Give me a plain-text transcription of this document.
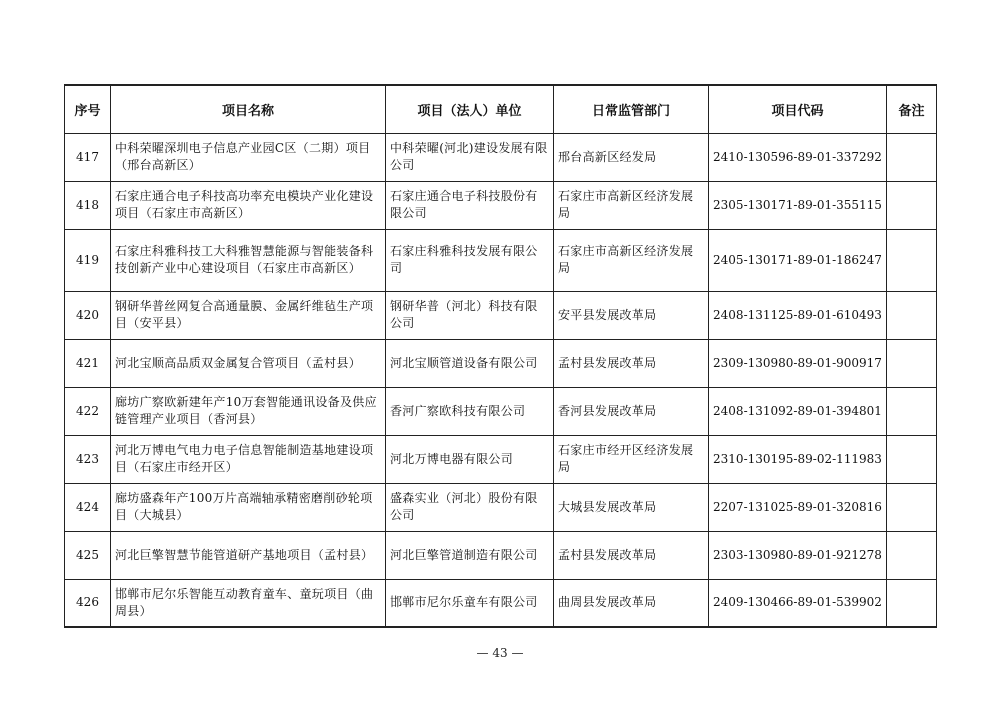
序号	项目名称	项目（法人）单位	日常监管部门	项目代码	备注
417	中科荣曜深圳电子信息产业园C区（二期）项目（邢台高新区）	中科荣曜(河北)建设发展有限公司	邢台高新区经发局	2410-130596-89-01-337292	
418	石家庄通合电子科技高功率充电模块产业化建设项目（石家庄市高新区）	石家庄通合电子科技股份有限公司	石家庄市高新区经济发展局	2305-130171-89-01-355115	
419	石家庄科雅科技工大科雅智慧能源与智能装备科技创新产业中心建设项目（石家庄市高新区）	石家庄科雅科技发展有限公司	石家庄市高新区经济发展局	2405-130171-89-01-186247	
420	钢研华普丝网复合高通量膜、金属纤维毡生产项目（安平县）	钢研华普（河北）科技有限公司	安平县发展改革局	2408-131125-89-01-610493	
421	河北宝顺高品质双金属复合管项目（孟村县）	河北宝顺管道设备有限公司	孟村县发展改革局	2309-130980-89-01-900917	
422	廊坊广察欧新建年产10万套智能通讯设备及供应链管理产业项目（香河县）	香河广察欧科技有限公司	香河县发展改革局	2408-131092-89-01-394801	
423	河北万博电气电力电子信息智能制造基地建设项目（石家庄市经开区）	河北万博电器有限公司	石家庄市经开区经济发展局	2310-130195-89-02-111983	
424	廊坊盛森年产100万片高端轴承精密磨削砂轮项目（大城县）	盛森实业（河北）股份有限公司	大城县发展改革局	2207-131025-89-01-320816	
425	河北巨擎智慧节能管道研产基地项目（孟村县）	河北巨擎管道制造有限公司	孟村县发展改革局	2303-130980-89-01-921278	
426	邯郸市尼尔乐智能互动教育童车、童玩项目（曲周县）	邯郸市尼尔乐童车有限公司	曲周县发展改革局	2409-130466-89-01-539902	
— 43 —
